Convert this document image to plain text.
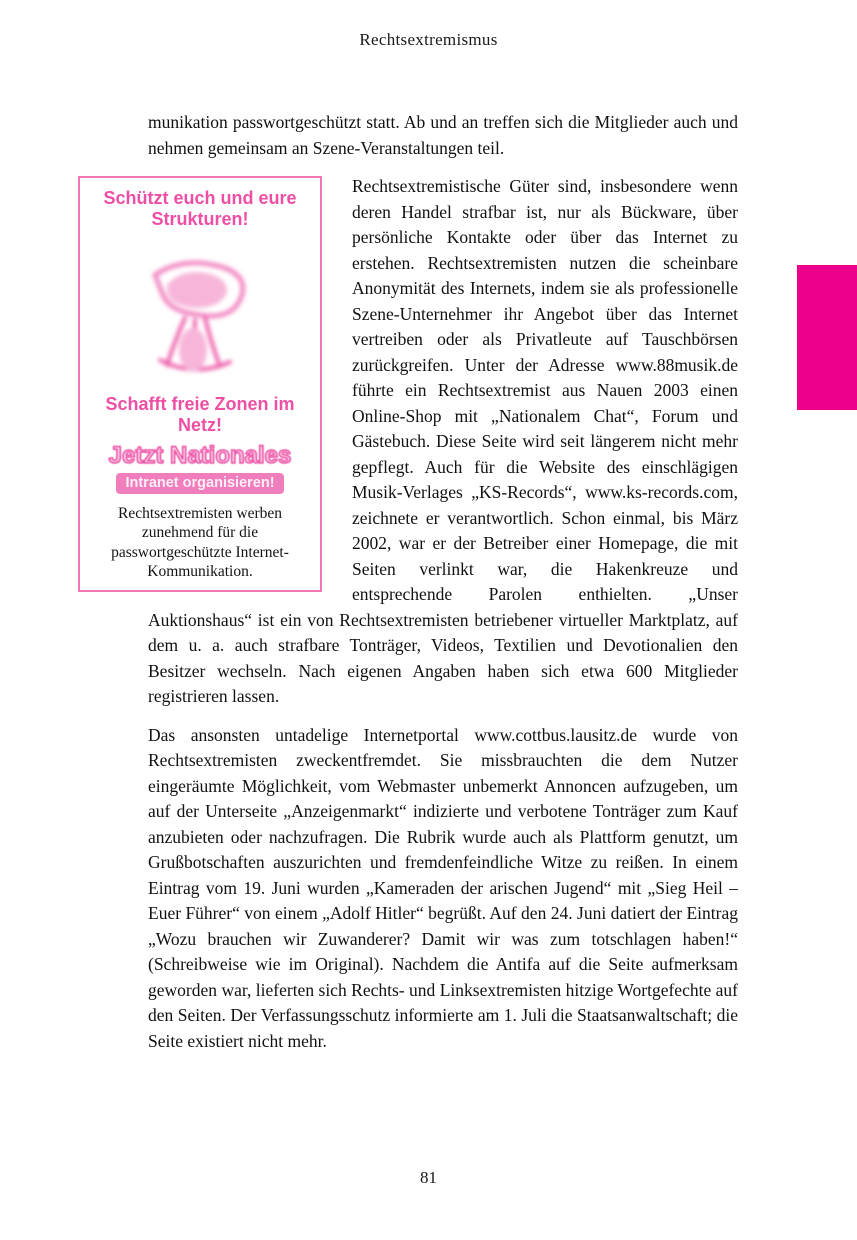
Rechtsextremismus

munikation passwortgeschützt statt. Ab und an treffen sich die Mitglieder auch und nehmen gemeinsam an Szene-Veranstaltungen teil.

Schützt euch und eure Strukturen!
Schafft freie Zonen im Netz!
Jetzt Nationales
Intranet organisieren!
Rechtsextremisten werben zunehmend für die passwortgeschützte Internet-Kommunikation.

Rechtsextremistische Güter sind, insbesondere wenn deren Handel strafbar ist, nur als Bückware, über persönliche Kontakte oder über das Internet zu erstehen. Rechtsextremisten nutzen die scheinbare Anonymität des Internets, indem sie als professionelle Szene-Unternehmer ihr Angebot über das Internet vertreiben oder als Privatleute auf Tauschbörsen zurückgreifen. Unter der Adresse www.88musik.de führte ein Rechtsextremist aus Nauen 2003 einen Online-Shop mit „Nationalem Chat“, Forum und Gästebuch. Diese Seite wird seit längerem nicht mehr gepflegt. Auch für die Website des einschlägigen Musik-Verlages „KS-Records“, www.ks-records.com, zeichnete er verantwortlich. Schon einmal, bis März 2002, war er der Betreiber einer Homepage, die mit Seiten verlinkt war, die Hakenkreuze und entsprechende Parolen enthielten. „Unser Auktionshaus“ ist ein von Rechtsextremisten betriebener virtueller Marktplatz, auf dem u. a. auch strafbare Tonträger, Videos, Textilien und Devotionalien den Besitzer wechseln. Nach eigenen Angaben haben sich etwa 600 Mitglieder registrieren lassen.

Das ansonsten untadelige Internetportal www.cottbus.lausitz.de wurde von Rechtsextremisten zweckentfremdet. Sie missbrauchten die dem Nutzer eingeräumte Möglichkeit, vom Webmaster unbemerkt Annoncen aufzugeben, um auf der Unterseite „Anzeigenmarkt“ indizierte und verbotene Tonträger zum Kauf anzubieten oder nachzufragen. Die Rubrik wurde auch als Plattform genutzt, um Grußbotschaften auszurichten und fremdenfeindliche Witze zu reißen. In einem Eintrag vom 19. Juni wurden „Kameraden der arischen Jugend“ mit „Sieg Heil – Euer Führer“ von einem „Adolf Hitler“ begrüßt. Auf den 24. Juni datiert der Eintrag „Wozu brauchen wir Zuwanderer? Damit wir was zum totschlagen haben!“ (Schreibweise wie im Original). Nachdem die Antifa auf die Seite aufmerksam geworden war, lieferten sich Rechts- und Linksextremisten hitzige Wortgefechte auf den Seiten. Der Verfassungsschutz informierte am 1. Juli die Staatsanwaltschaft; die Seite existiert nicht mehr.

81
